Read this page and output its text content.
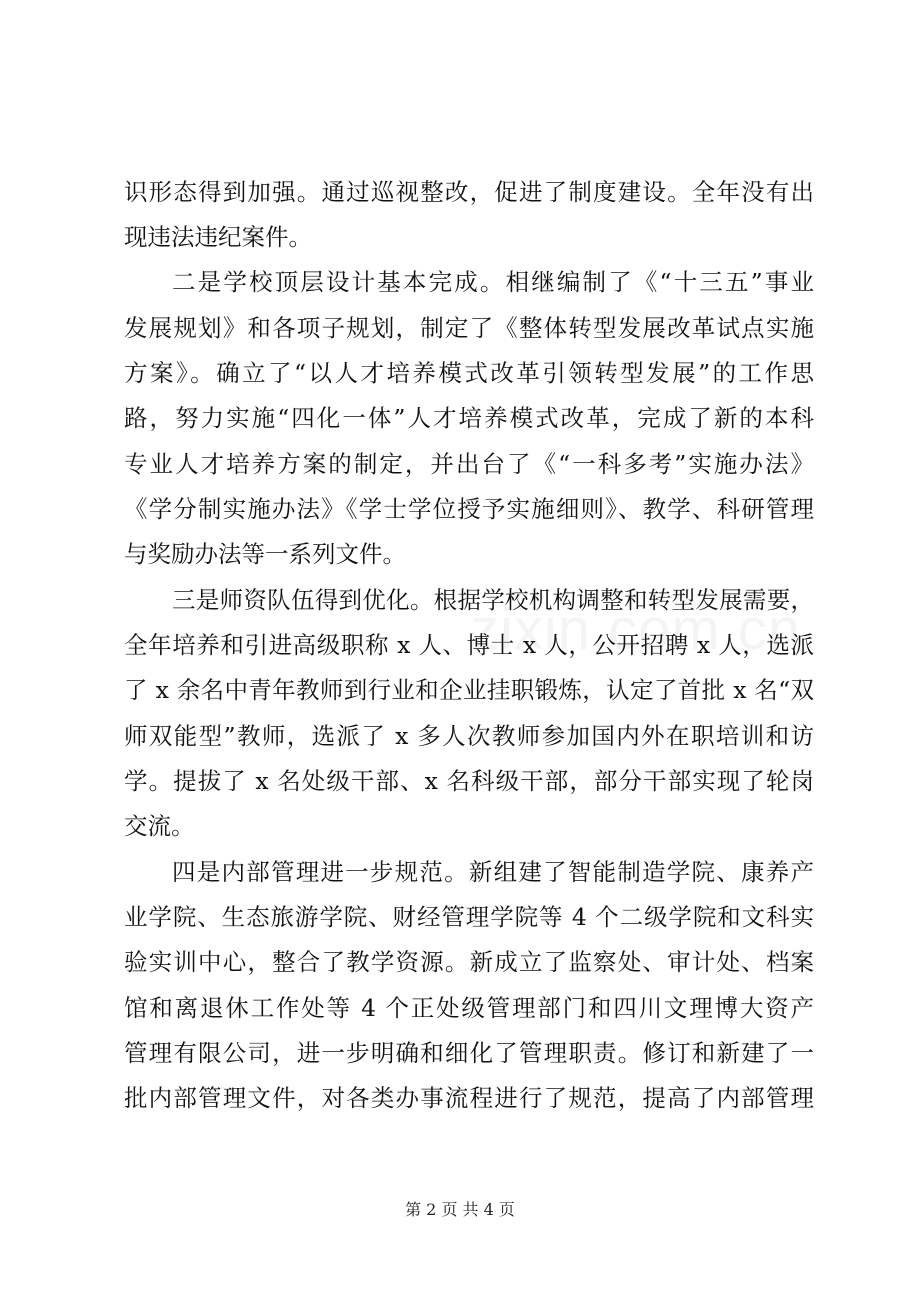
识形态得到加强。通过巡视整改，促进了制度建设。全年没有出
现违法违纪案件。
二是学校顶层设计基本完成。相继编制了《“十三五”事业
发展规划》和各项子规划，制定了《整体转型发展改革试点实施
方案》。确立了“以人才培养模式改革引领转型发展”的工作思
路，努力实施“四化一体”人才培养模式改革，完成了新的本科
专业人才培养方案的制定，并出台了《“一科多考”实施办法》
《学分制实施办法》《学士学位授予实施细则》、教学、科研管理
与奖励办法等一系列文件。
三是师资队伍得到优化。根据学校机构调整和转型发展需要，
全年培养和引进高级职称 x 人、博士 x 人，公开招聘 x 人，选派
了 x 余名中青年教师到行业和企业挂职锻炼，认定了首批 x 名“双
师双能型”教师，选派了 x 多人次教师参加国内外在职培训和访
学。提拔了 x 名处级干部、x 名科级干部，部分干部实现了轮岗
交流。
四是内部管理进一步规范。新组建了智能制造学院、康养产
业学院、生态旅游学院、财经管理学院等 4 个二级学院和文科实
验实训中心，整合了教学资源。新成立了监察处、审计处、档案
馆和离退休工作处等 4 个正处级管理部门和四川文理博大资产
管理有限公司，进一步明确和细化了管理职责。修订和新建了一
批内部管理文件，对各类办事流程进行了规范，提高了内部管理
第 2 页 共 4 页
